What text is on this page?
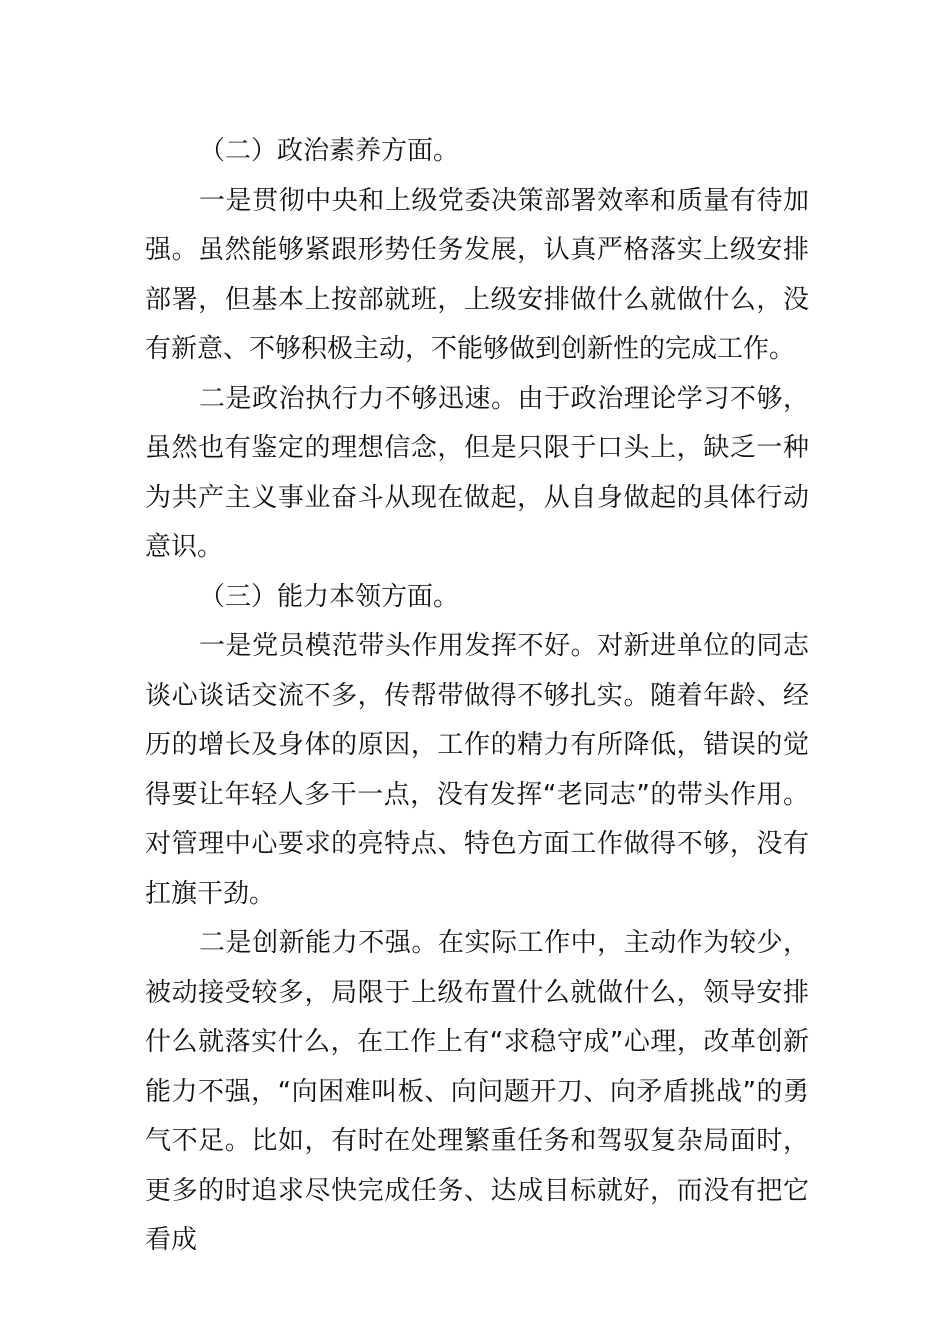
（二）政治素养方面。

一是贯彻中央和上级党委决策部署效率和质量有待加强。虽然能够紧跟形势任务发展，认真严格落实上级安排部署，但基本上按部就班，上级安排做什么就做什么，没有新意、不够积极主动，不能够做到创新性的完成工作。

二是政治执行力不够迅速。由于政治理论学习不够，虽然也有鉴定的理想信念，但是只限于口头上，缺乏一种为共产主义事业奋斗从现在做起，从自身做起的具体行动意识。

（三）能力本领方面。

一是党员模范带头作用发挥不好。对新进单位的同志谈心谈话交流不多，传帮带做得不够扎实。随着年龄、经历的增长及身体的原因，工作的精力有所降低，错误的觉得要让年轻人多干一点，没有发挥“老同志”的带头作用。对管理中心要求的亮特点、特色方面工作做得不够，没有扛旗干劲。

二是创新能力不强。在实际工作中，主动作为较少，被动接受较多，局限于上级布置什么就做什么，领导安排什么就落实什么，在工作上有“求稳守成”心理，改革创新能力不强，“向困难叫板、向问题开刀、向矛盾挑战”的勇气不足。比如，有时在处理繁重任务和驾驭复杂局面时，更多的时追求尽快完成任务、达成目标就好，而没有把它看成
